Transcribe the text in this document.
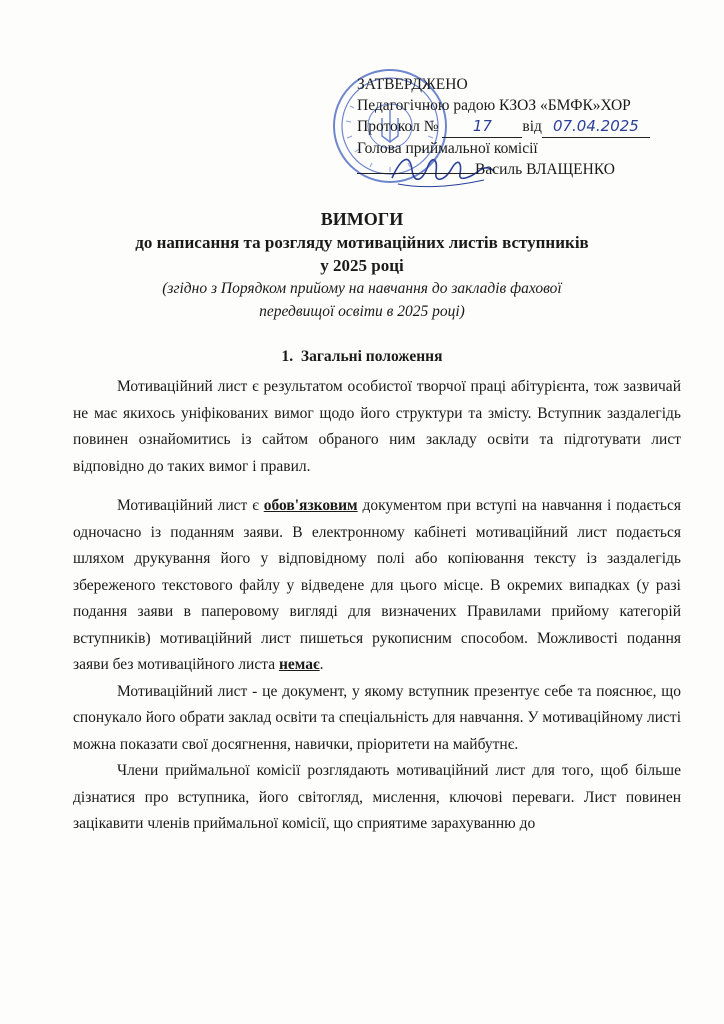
ЗАТВЕРДЖЕНО
Педагогічною радою КЗОЗ «БМФК»ХОР
Протокол № 17 від 07.04.2025
Голова приймальної комісії
Василь ВЛАЩЕНКО
ВИМОГИ
до написання та розгляду мотиваційних листів вступників
у 2025 році
(згідно з Порядком прийому на навчання до закладів фахової
передвищої освіти в 2025 році)
1. Загальні положення

Мотиваційний лист є результатом особистої творчої праці абітурієнта, тож зазвичай не має якихось уніфікованих вимог щодо його структури та змісту. Вступник заздалегідь повинен ознайомитись із сайтом обраного ним закладу освіти та підготувати лист відповідно до таких вимог і правил.

Мотиваційний лист є обов'язковим документом при вступі на навчання і подається одночасно із поданням заяви. В електронному кабінеті мотиваційний лист подається шляхом друкування його у відповідному полі або копіювання тексту із заздалегідь збереженого текстового файлу у відведене для цього місце. В окремих випадках (у разі подання заяви в паперовому вигляді для визначених Правилами прийому категорій вступників) мотиваційний лист пишеться рукописним способом. Можливості подання заяви без мотиваційного листа немає.

Мотиваційний лист - це документ, у якому вступник презентує себе та пояснює, що спонукало його обрати заклад освіти та спеціальність для навчання. У мотиваційному листі можна показати свої досягнення, навички, пріоритети на майбутнє.

Члени приймальної комісії розглядають мотиваційний лист для того, щоб більше дізнатися про вступника, його світогляд, мислення, ключові переваги. Лист повинен зацікавити членів приймальної комісії, що сприятиме зарахуванню до
